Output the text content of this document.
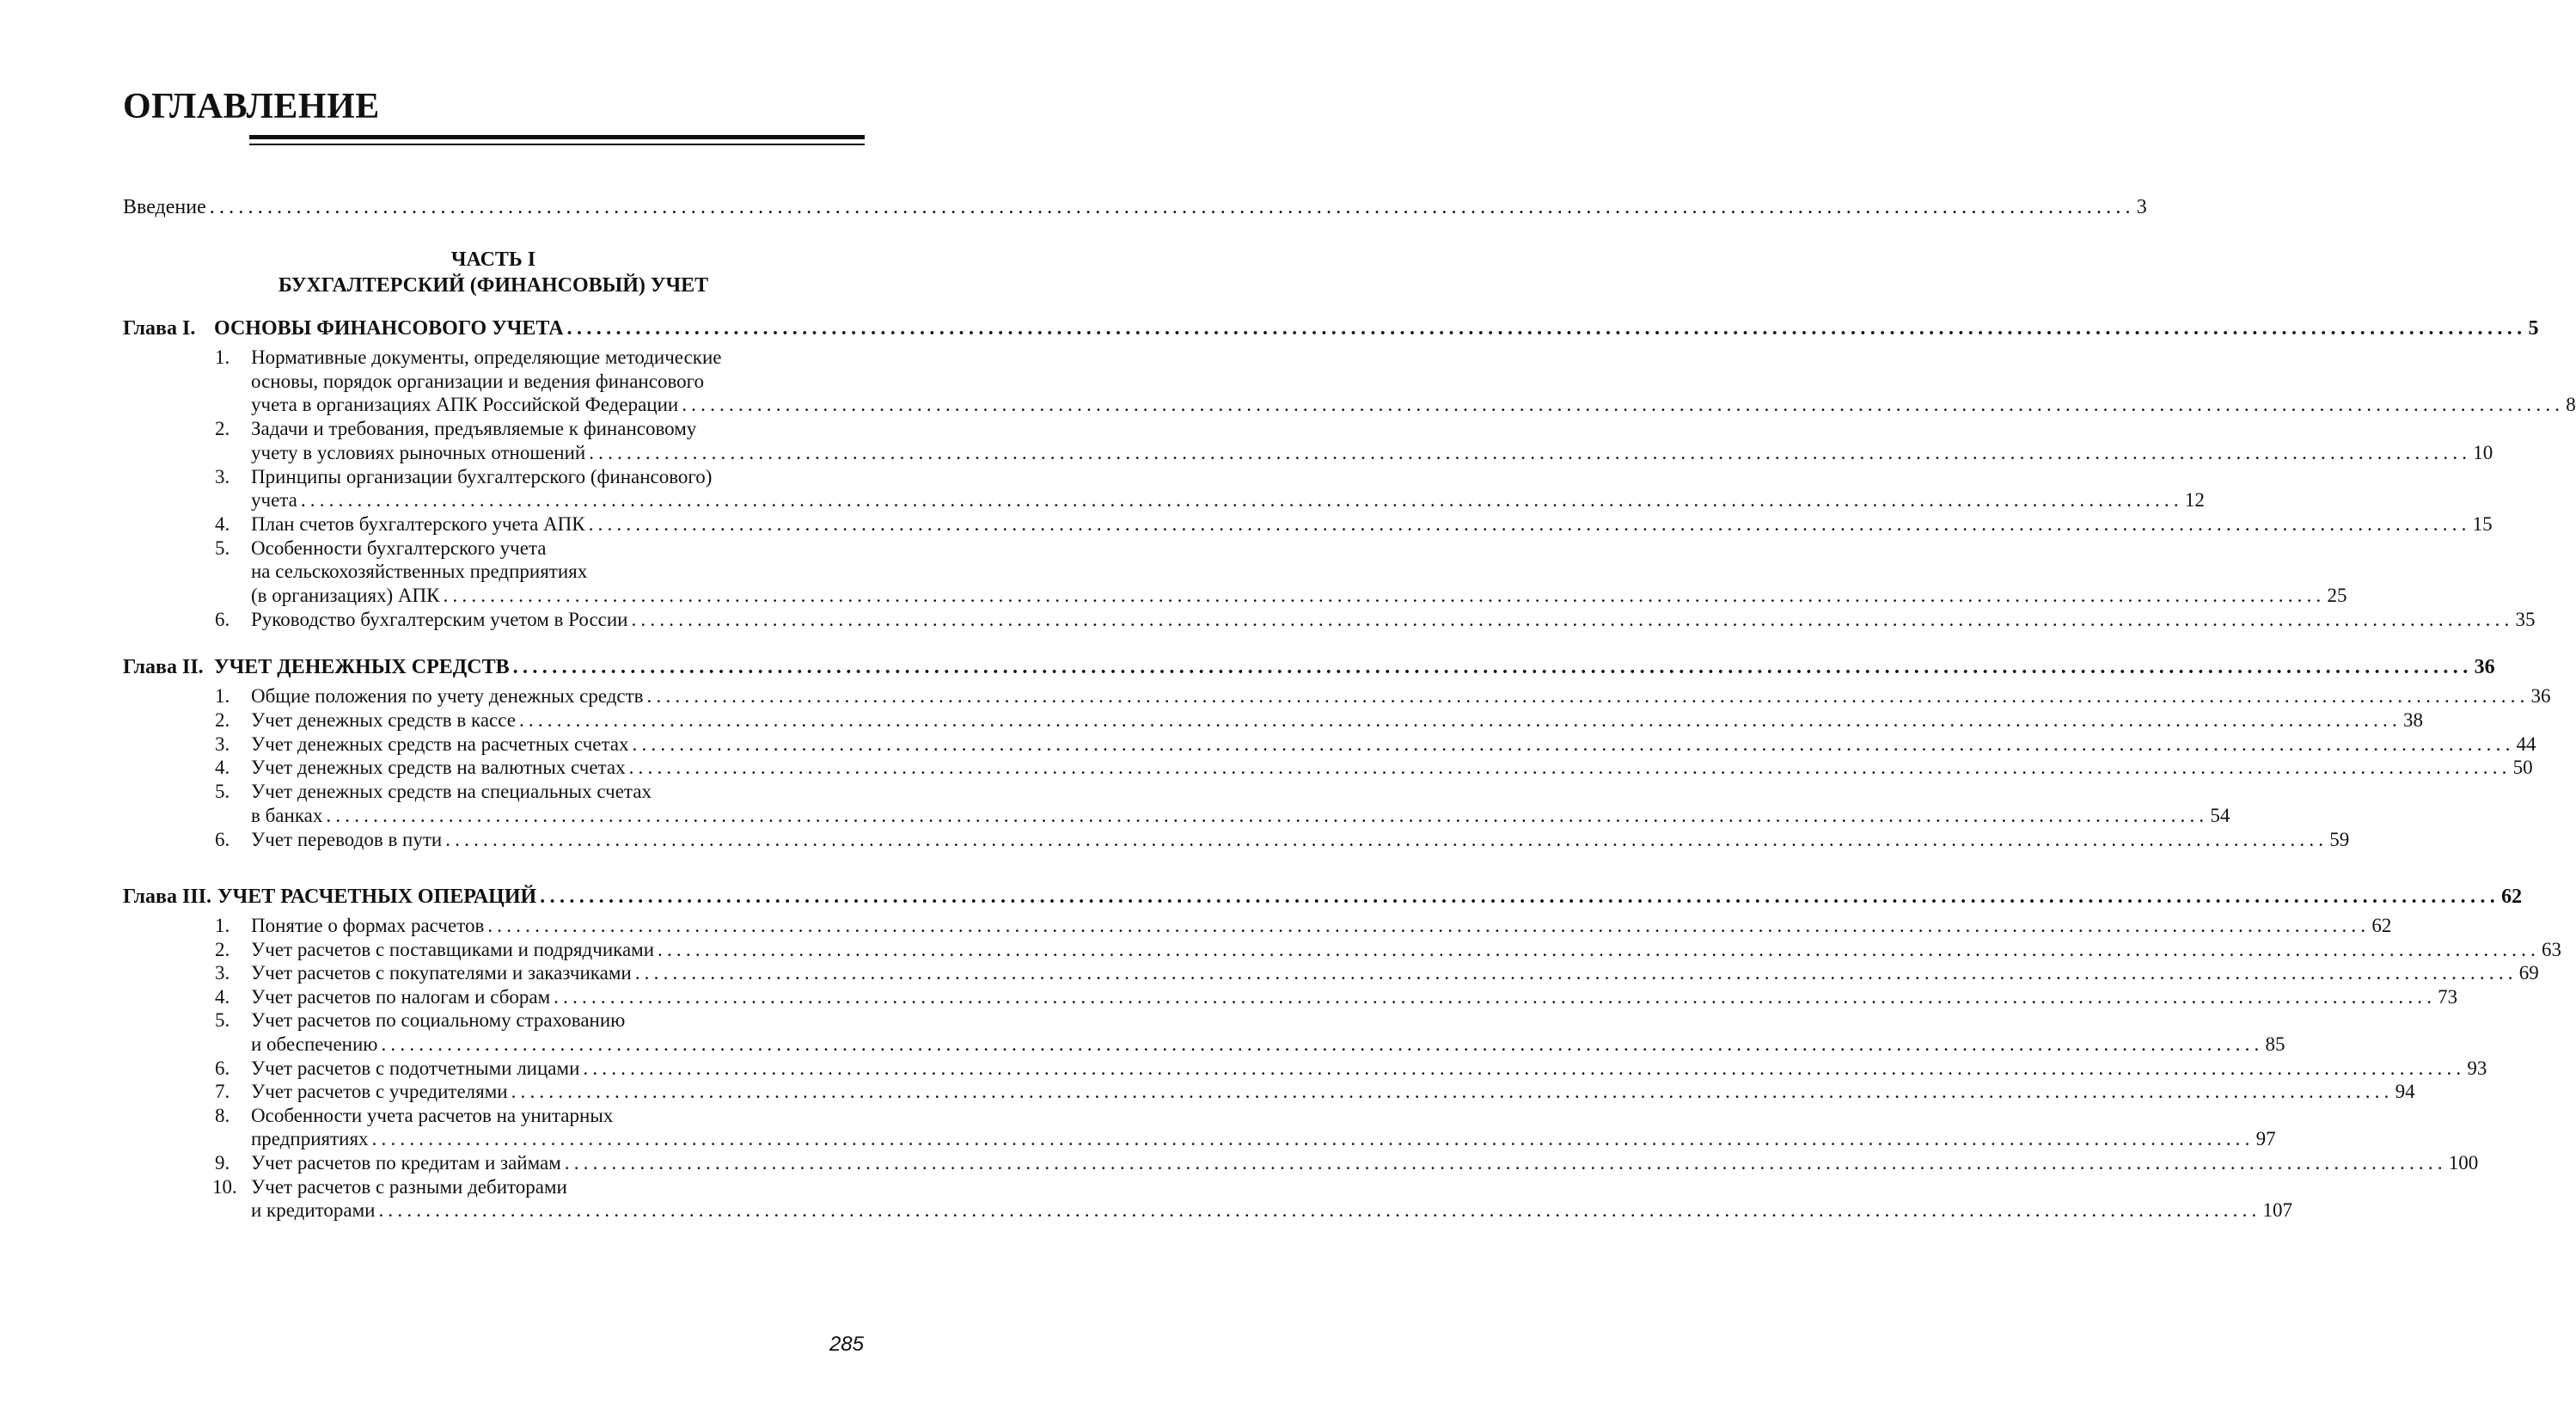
ОГЛАВЛЕНИЕ
Введение ........................................................................................................................................................................................................ 3
ЧАСТЬ I
БУХГАЛТЕРСКИЙ (ФИНАНСОВЫЙ) УЧЕТ
Глава I. ОСНОВЫ ФИНАНСОВОГО УЧЕТА ........................................................................................................................................................................................................ 5
1.	Нормативные документы, определяющие методические
основы, порядок организации и ведения финансового
учета в организациях АПК Российской Федерации ........................................................................................................................................................................................................ 8
2.	Задачи и требования, предъявляемые к финансовому
учету в условиях рыночных отношений ........................................................................................................................................................................................................ 10
3.	Принципы организации бухгалтерского (финансового)
учета ........................................................................................................................................................................................................ 12
4.	План счетов бухгалтерского учета АПК ........................................................................................................................................................................................................ 15
5.	Особенности бухгалтерского учета
на сельскохозяйственных предприятиях
(в организациях) АПК ........................................................................................................................................................................................................ 25
6.	Руководство бухгалтерским учетом в России ........................................................................................................................................................................................................ 35
Глава II. УЧЕТ ДЕНЕЖНЫХ СРЕДСТВ ........................................................................................................................................................................................................ 36
1.	Общие положения по учету денежных средств ........................................................................................................................................................................................................ 36
2.	Учет денежных средств в кассе ........................................................................................................................................................................................................ 38
3.	Учет денежных средств на расчетных счетах ........................................................................................................................................................................................................ 44
4.	Учет денежных средств на валютных счетах ........................................................................................................................................................................................................ 50
5.	Учет денежных средств на специальных счетах
в банках ........................................................................................................................................................................................................ 54
6.	Учет переводов в пути ........................................................................................................................................................................................................ 59
Глава III. УЧЕТ РАСЧЕТНЫХ ОПЕРАЦИЙ ........................................................................................................................................................................................................ 62
1.	Понятие о формах расчетов ........................................................................................................................................................................................................ 62
2.	Учет расчетов с поставщиками и подрядчиками ........................................................................................................................................................................................................ 63
3.	Учет расчетов с покупателями и заказчиками ........................................................................................................................................................................................................ 69
4.	Учет расчетов по налогам и сборам ........................................................................................................................................................................................................ 73
5.	Учет расчетов по социальному страхованию
и обеспечению ........................................................................................................................................................................................................ 85
6.	Учет расчетов с подотчетными лицами ........................................................................................................................................................................................................ 93
7.	Учет расчетов с учредителями ........................................................................................................................................................................................................ 94
8.	Особенности учета расчетов на унитарных
предприятиях ........................................................................................................................................................................................................ 97
9.	Учет расчетов по кредитам и займам ........................................................................................................................................................................................................ 100
10. Учет расчетов с разными дебиторами
и кредиторами ........................................................................................................................................................................................................ 107
285
